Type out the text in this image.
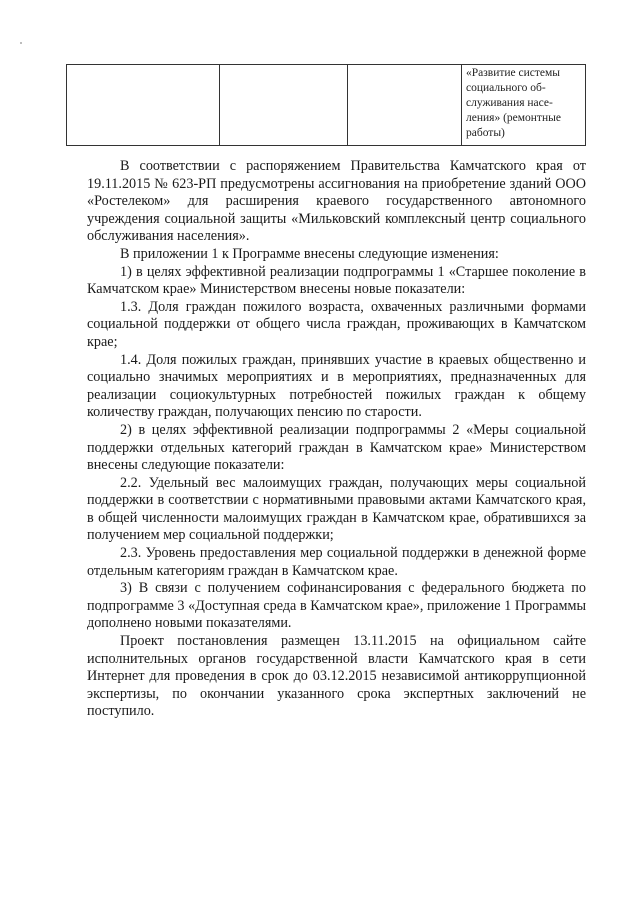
«Развитие системы
социального об-
служивания насе-
ления» (ремонтные
работы)

В соответствии с распоряжением Правительства Камчатского края от 19.11.2015 № 623-РП предусмотрены ассигнования на приобретение зданий ООО «Ростелеком» для расширения краевого государственного автономного учреждения социальной защиты «Мильковский комплексный центр социального обслуживания населения».

В приложении 1 к Программе внесены следующие изменения:

1) в целях эффективной реализации подпрограммы 1 «Старшее поколение в Камчатском крае» Министерством внесены новые показатели:

1.3. Доля граждан пожилого возраста, охваченных различными формами социальной поддержки от общего числа граждан, проживающих в Камчатском крае;

1.4. Доля пожилых граждан, принявших участие в краевых общественно и социально значимых мероприятиях и в мероприятиях, предназначенных для реализации социокультурных потребностей пожилых граждан к общему количеству граждан, получающих пенсию по старости.

2) в целях эффективной реализации подпрограммы 2 «Меры социальной поддержки отдельных категорий граждан в Камчатском крае» Министерством внесены следующие показатели:

2.2. Удельный вес малоимущих граждан, получающих меры социальной поддержки в соответствии с нормативными правовыми актами Камчатского края, в общей численности малоимущих граждан в Камчатском крае, обратившихся за получением мер социальной поддержки;

2.3. Уровень предоставления мер социальной поддержки в денежной форме отдельным категориям граждан в Камчатском крае.

3) В связи с получением софинансирования с федерального бюджета по подпрограмме 3 «Доступная среда в Камчатском крае», приложение 1 Программы дополнено новыми показателями.

Проект постановления размещен 13.11.2015 на официальном сайте исполнительных органов государственной власти Камчатского края в сети Интернет для проведения в срок до 03.12.2015 независимой антикоррупционной экспертизы, по окончании указанного срока экспертных заключений не поступило.
